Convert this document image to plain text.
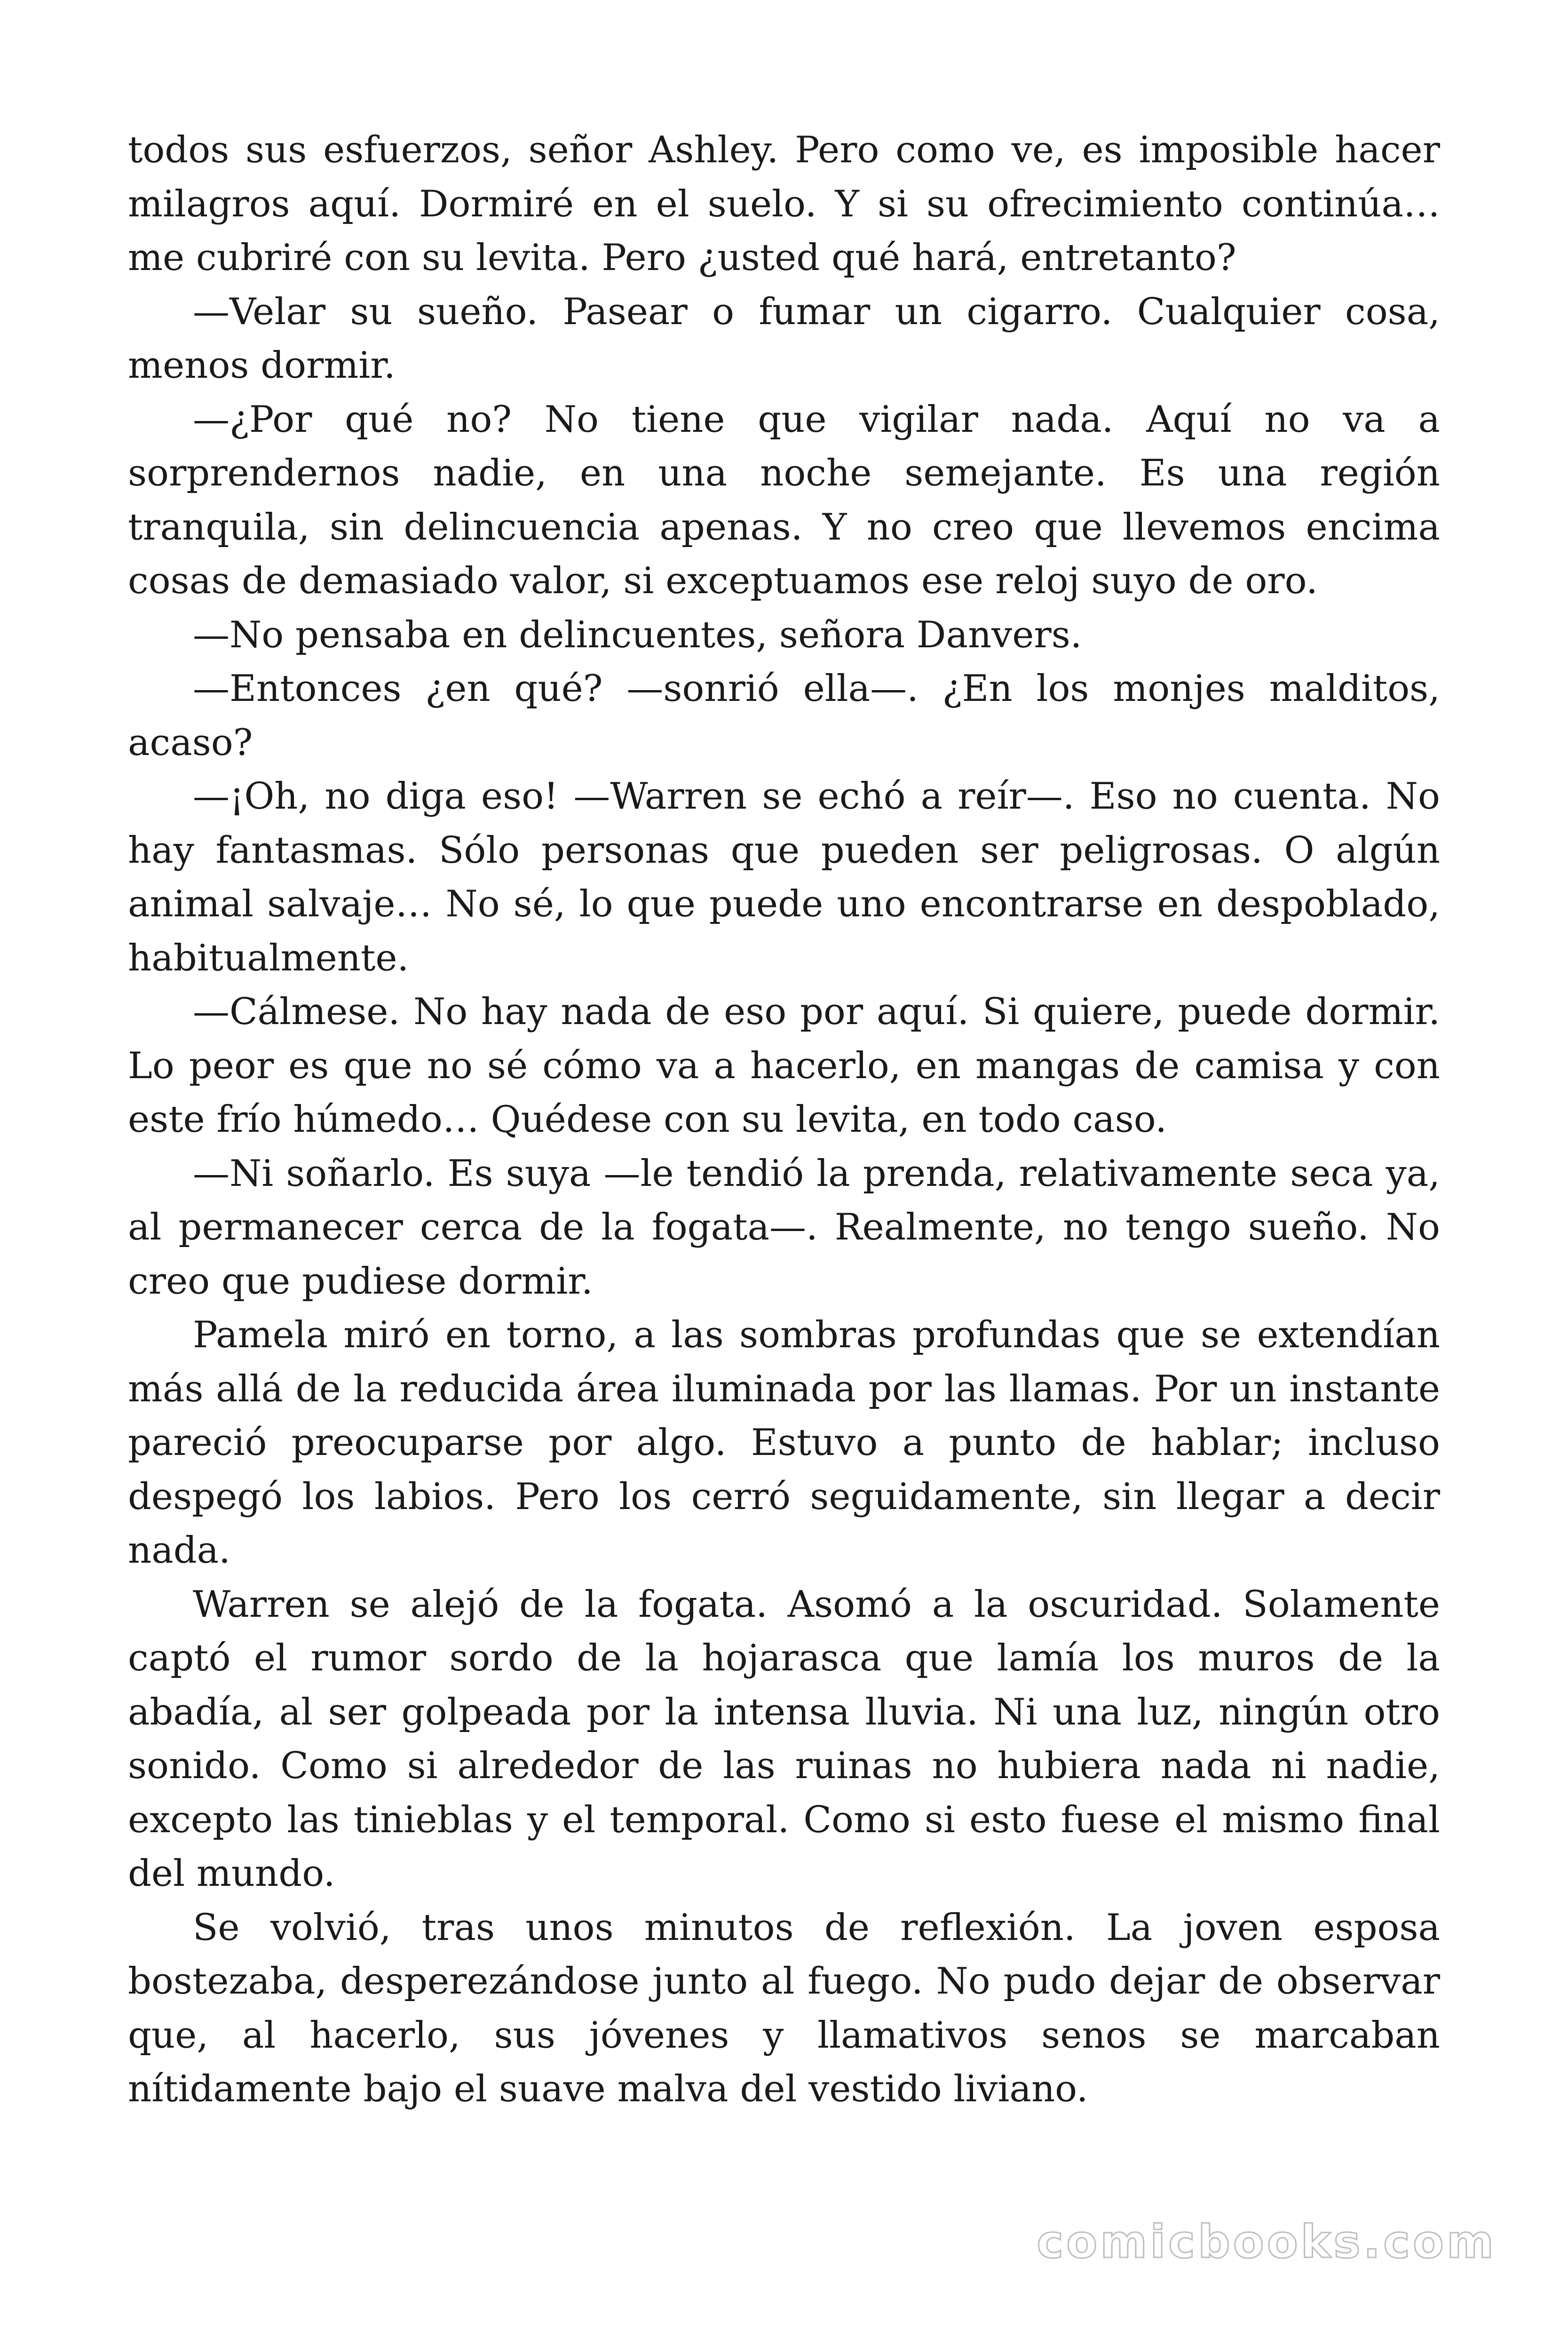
todos sus esfuerzos, señor Ashley. Pero como ve, es imposible hacer milagros aquí. Dormiré en el suelo. Y si su ofrecimiento continúa… me cubriré con su levita. Pero ¿usted qué hará, entretanto?

—Velar su sueño. Pasear o fumar un cigarro. Cualquier cosa, menos dormir.

—¿Por qué no? No tiene que vigilar nada. Aquí no va a sorprendernos nadie, en una noche semejante. Es una región tranquila, sin delincuencia apenas. Y no creo que llevemos encima cosas de demasiado valor, si exceptuamos ese reloj suyo de oro.

—No pensaba en delincuentes, señora Danvers.

—Entonces ¿en qué? —sonrió ella—. ¿En los monjes malditos, acaso?

—¡Oh, no diga eso! —Warren se echó a reír—. Eso no cuenta. No hay fantasmas. Sólo personas que pueden ser peligrosas. O algún animal salvaje… No sé, lo que puede uno encontrarse en despoblado, habitualmente.

—Cálmese. No hay nada de eso por aquí. Si quiere, puede dormir. Lo peor es que no sé cómo va a hacerlo, en mangas de camisa y con este frío húmedo… Quédese con su levita, en todo caso.

—Ni soñarlo. Es suya —le tendió la prenda, relativamente seca ya, al permanecer cerca de la fogata—. Realmente, no tengo sueño. No creo que pudiese dormir.

Pamela miró en torno, a las sombras profundas que se extendían más allá de la reducida área iluminada por las llamas. Por un instante pareció preocuparse por algo. Estuvo a punto de hablar; incluso despegó los labios. Pero los cerró seguidamente, sin llegar a decir nada.

Warren se alejó de la fogata. Asomó a la oscuridad. Solamente captó el rumor sordo de la hojarasca que lamía los muros de la abadía, al ser golpeada por la intensa lluvia. Ni una luz, ningún otro sonido. Como si alrededor de las ruinas no hubiera nada ni nadie, excepto las tinieblas y el temporal. Como si esto fuese el mismo final del mundo.

Se volvió, tras unos minutos de reflexión. La joven esposa bostezaba, desperezándose junto al fuego. No pudo dejar de observar que, al hacerlo, sus jóvenes y llamativos senos se marcaban nítidamente bajo el suave malva del vestido liviano.

comicbooks.com
